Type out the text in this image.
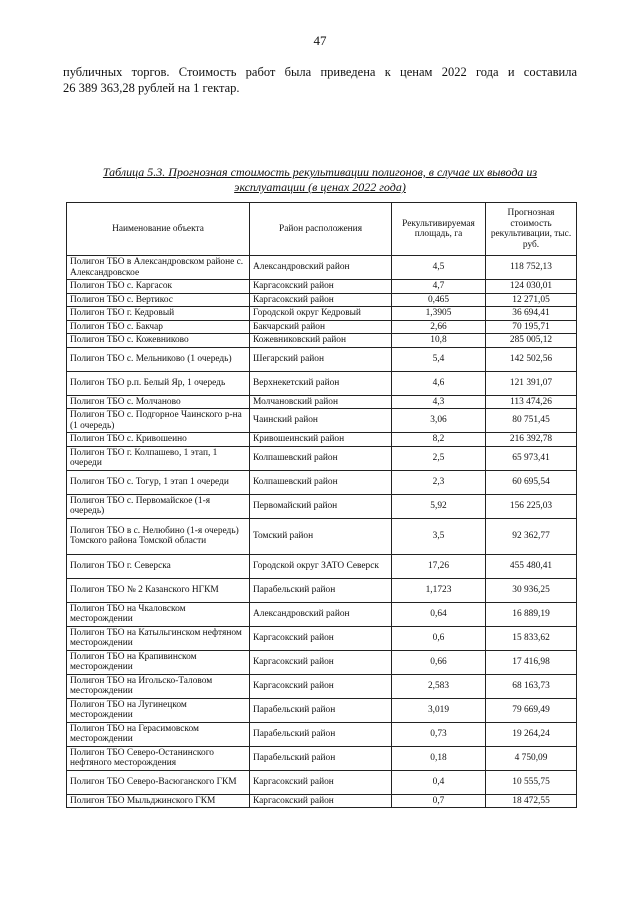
47

публичных торгов. Стоимость работ была приведена к ценам 2022 года и составила

26 389 363,28 рублей на 1 гектар.

Таблица 5.3. Прогнозная стоимость рекультивации полигонов, в случае их вывода из
эксплуатации (в ценах 2022 года)
Наименование объекта	Район расположения	Рекультивируемая площадь, га	Прогнозная стоимость рекультивации, тыс. руб.
Полигон ТБО в Александровском районе с. Александровское	Александровский район	4,5	118 752,13
Полигон ТБО с. Каргасок	Каргасокский район	4,7	124 030,01
Полигон ТБО с. Вертикос	Каргасокский район	0,465	12 271,05
Полигон ТБО г. Кедровый	Городской округ Кедровый	1,3905	36 694,41
Полигон ТБО с. Бакчар	Бакчарский район	2,66	70 195,71
Полигон ТБО с. Кожевниково	Кожевниковский район	10,8	285 005,12
Полигон ТБО с. Мельниково (1 очередь)	Шегарский район	5,4	142 502,56
Полигон ТБО р.п. Белый Яр, 1 очередь	Верхнекетский район	4,6	121 391,07
Полигон ТБО с. Молчаново	Молчановский район	4,3	113 474,26
Полигон ТБО с. Подгорное Чаинского р-на (1 очередь)	Чаинский район	3,06	80 751,45
Полигон ТБО с. Кривошеино	Кривошеинский район	8,2	216 392,78
Полигон ТБО г. Колпашево, 1 этап, 1 очереди	Колпашевский район	2,5	65 973,41
Полигон ТБО с. Тогур, 1 этап 1 очереди	Колпашевский район	2,3	60 695,54
Полигон ТБО с. Первомайское (1-я очередь)	Первомайский район	5,92	156 225,03
Полигон ТБО в с. Нелюбино (1-я очередь) Томского района Томской области	Томский район	3,5	92 362,77
Полигон ТБО г. Северска	Городской округ ЗАТО Северск	17,26	455 480,41
Полигон ТБО № 2 Казанского НГКМ	Парабельский район	1,1723	30 936,25
Полигон ТБО на Чкаловском месторождении	Александровский район	0,64	16 889,19
Полигон ТБО на Катыльгинском нефтяном месторождении	Каргасокский район	0,6	15 833,62
Полигон ТБО на Крапивинском месторождении	Каргасокский район	0,66	17 416,98
Полигон ТБО на Игольско-Таловом месторождении	Каргасокский район	2,583	68 163,73
Полигон ТБО на Лугинецком месторождении	Парабельский район	3,019	79 669,49
Полигон ТБО на Герасимовском месторождении	Парабельский район	0,73	19 264,24
Полигон ТБО Северо-Останинского нефтяного месторождения	Парабельский район	0,18	4 750,09
Полигон ТБО Северо-Васюганского ГКМ	Каргасокский район	0,4	10 555,75
Полигон ТБО Мыльджинского ГКМ	Каргасокский район	0,7	18 472,55
